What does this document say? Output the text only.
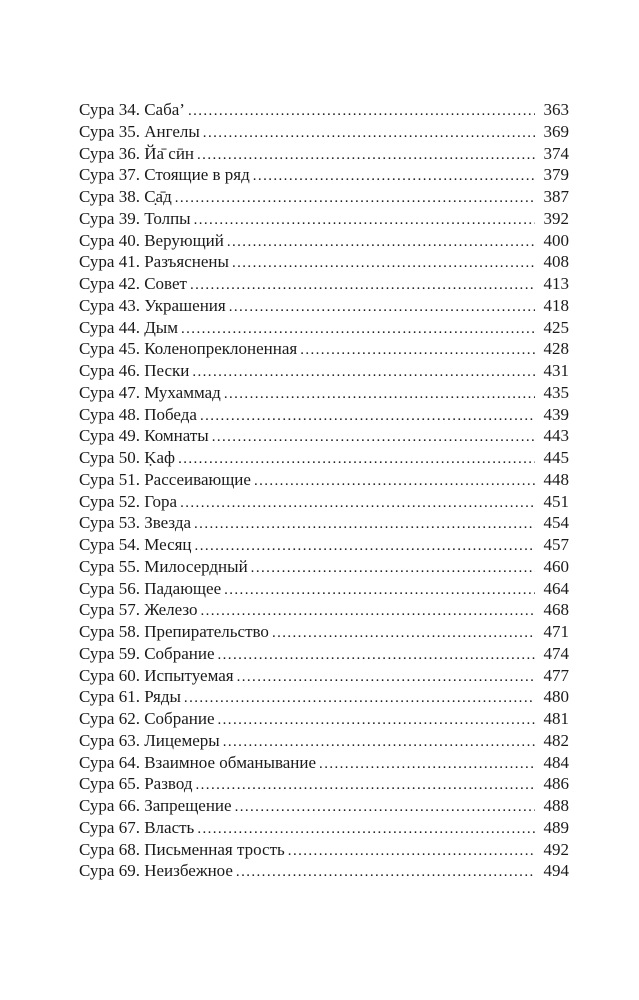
Сура 34. Саба’ .....	363
Сура 35. Ангелы .....	369
Сура 36. Йа̄ сӣн .....	374
Сура 37. Стоящие в ряд .....	379
Сура 38. С̣а̄д .....	387
Сура 39. Толпы .....	392
Сура 40. Верующий .....	400
Сура 41. Разъяснены .....	408
Сура 42. Совет .....	413
Сура 43. Украшения .....	418
Сура 44. Дым .....	425
Сура 45. Коленопреклоненная .....	428
Сура 46. Пески .....	431
Сура 47. Мухаммад .....	435
Сура 48. Победа .....	439
Сура 49. Комнаты .....	443
Сура 50. Ḳаф .....	445
Сура 51. Рассеивающие .....	448
Сура 52. Гора .....	451
Сура 53. Звезда .....	454
Сура 54. Месяц .....	457
Сура 55. Милосердный .....	460
Сура 56. Падающее .....	464
Сура 57. Железо .....	468
Сура 58. Препирательство .....	471
Сура 59. Собрание .....	474
Сура 60. Испытуемая .....	477
Сура 61. Ряды .....	480
Сура 62. Собрание .....	481
Сура 63. Лицемеры .....	482
Сура 64. Взаимное обманывание .....	484
Сура 65. Развод .....	486
Сура 66. Запрещение .....	488
Сура 67. Власть .....	489
Сура 68. Письменная трость .....	492
Сура 69. Неизбежное .....	494
